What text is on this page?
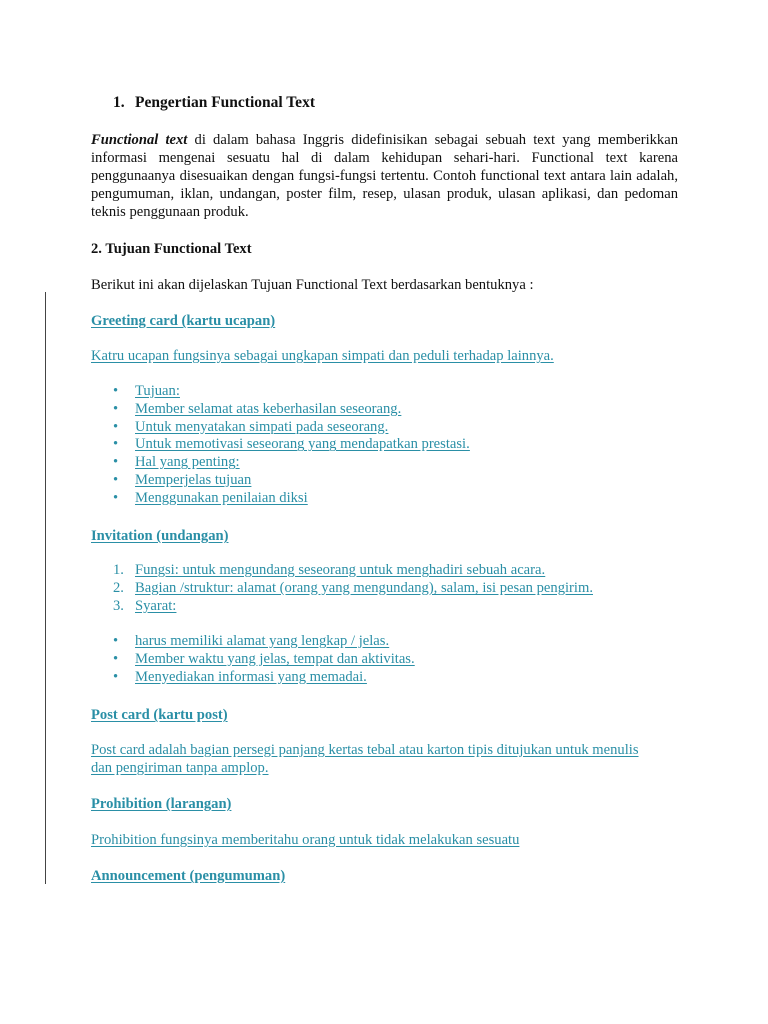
1. Pengertian Functional Text

Functional text di dalam bahasa Inggris didefinisikan sebagai sebuah text yang memberikkan informasi mengenai sesuatu hal di dalam kehidupan sehari-hari. Functional text karena penggunaanya disesuaikan dengan fungsi-fungsi tertentu. Contoh functional text antara lain adalah, pengumuman, iklan, undangan, poster film, resep, ulasan produk, ulasan aplikasi, dan pedoman teknis penggunaan produk.

2. Tujuan Functional Text

Berikut ini akan dijelaskan Tujuan Functional Text berdasarkan bentuknya :

Greeting card (kartu ucapan)

Katru ucapan fungsinya sebagai ungkapan simpati dan peduli terhadap lainnya.

• Tujuan:
• Member selamat atas keberhasilan seseorang.
• Untuk menyatakan simpati pada seseorang.
• Untuk memotivasi seseorang yang mendapatkan prestasi.
• Hal yang penting:
• Memperjelas tujuan
• Menggunakan penilaian diksi

Invitation (undangan)

1. Fungsi: untuk mengundang seseorang untuk menghadiri sebuah acara.
2. Bagian /struktur: alamat (orang yang mengundang), salam, isi pesan pengirim.
3. Syarat:
• harus memiliki alamat yang lengkap / jelas.
• Member waktu yang jelas, tempat dan aktivitas.
• Menyediakan informasi yang memadai.

Post card (kartu post)

Post card adalah bagian persegi panjang kertas tebal atau karton tipis ditujukan untuk menulis

dan pengiriman tanpa amplop.

Prohibition (larangan)

Prohibition fungsinya memberitahu orang untuk tidak melakukan sesuatu

Announcement (pengumuman)
